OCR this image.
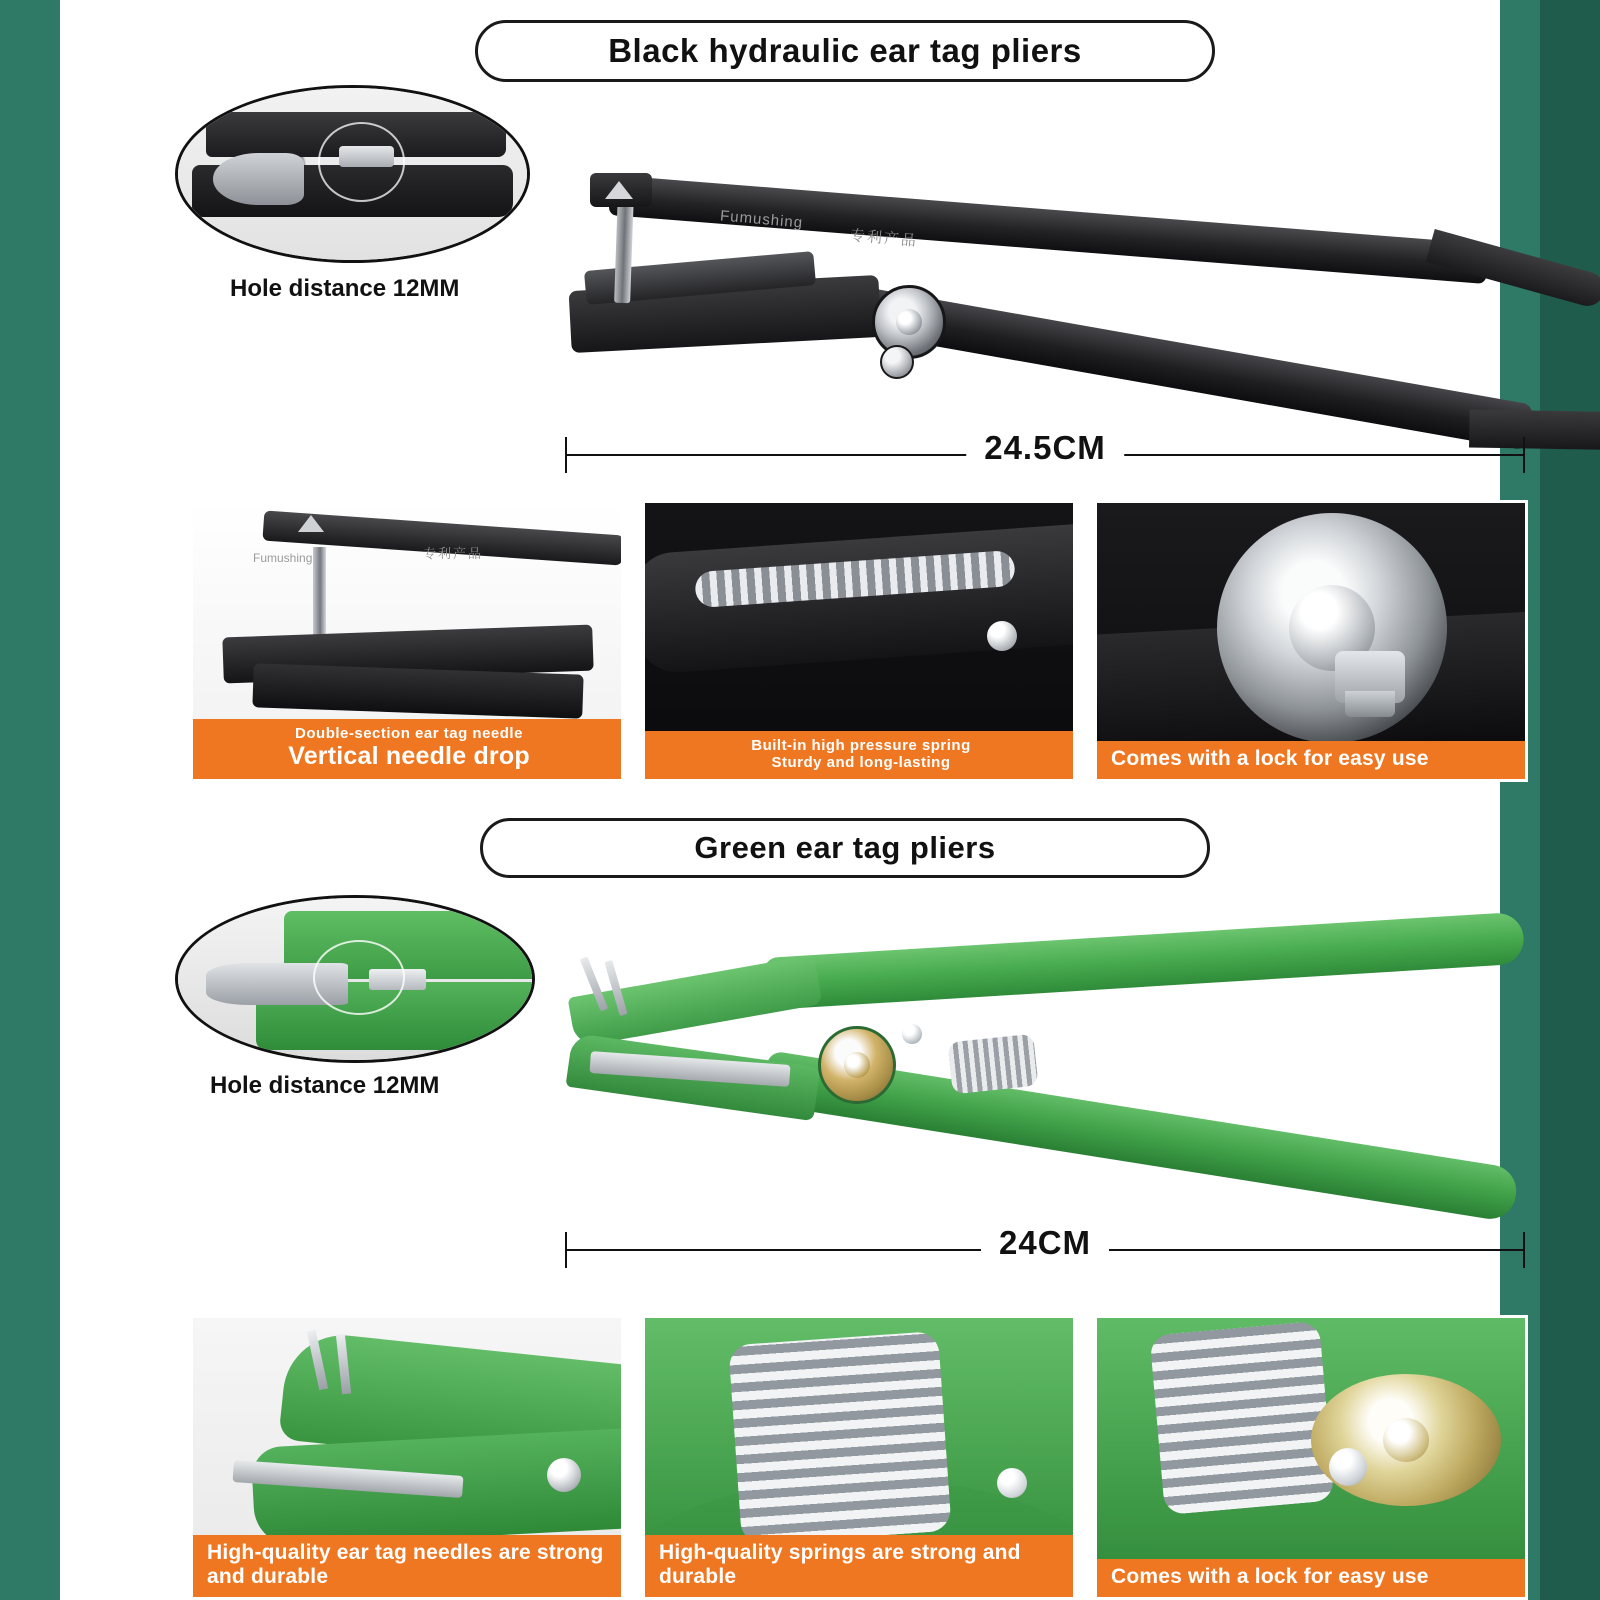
Black hydraulic ear tag pliers
Hole distance 12MM
Fumushing
专利产品
24.5CM
Fumushing	专利产品
Double-section ear tag needle
Vertical needle drop	Built-in high pressure spring
Sturdy and long-lasting	Comes with a lock for easy use
Green ear tag pliers
Hole distance 12MM
24CM
High-quality ear tag needles are strong and durable
High-quality springs are strong and durable	Comes with a lock for easy use
